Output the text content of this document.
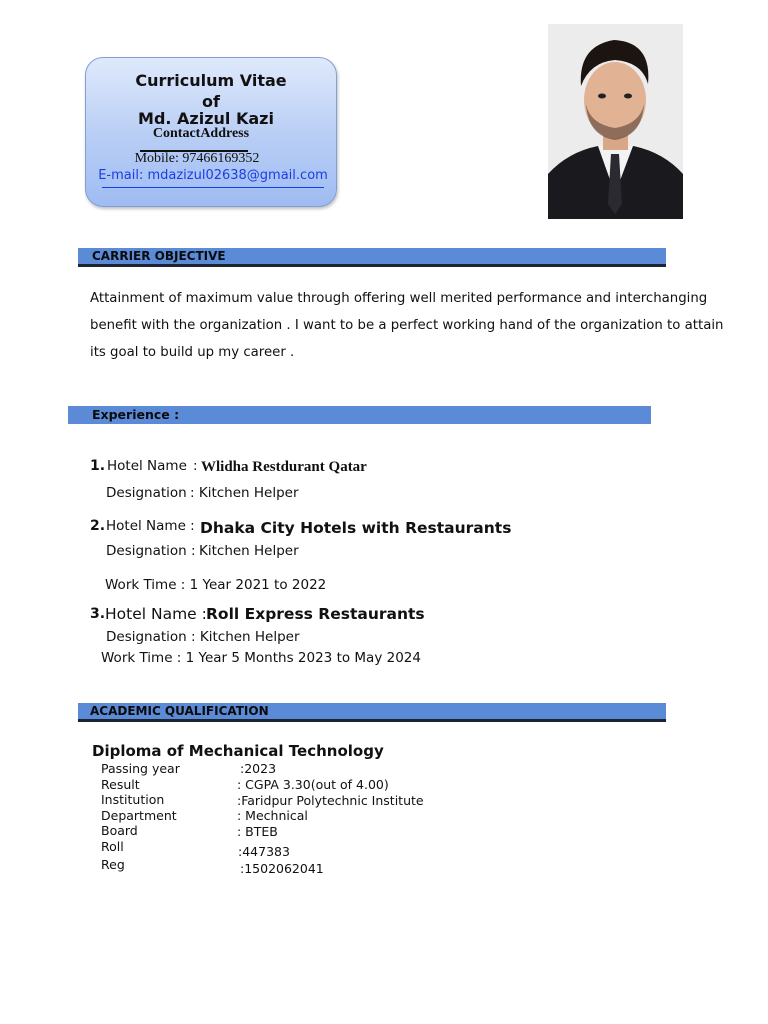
Curriculum Vitae
of
Md. Azizul Kazi
ContactAddress
Mobile: 97466169352
E-mail: mdazizul02638@gmail.com
CARRIER OBJECTIVE
Attainment of maximum value through offering well merited performance and interchanging benefit with the organization . I want to be a perfect working hand of the organization to attain its goal to build up my career .
Experience :
1. Hotel Name : Wlidha Restdurant Qatar
Designation : Kitchen Helper
2. Hotel Name : Dhaka City Hotels with Restaurants
Designation : Kitchen Helper
Work Time : 1 Year 2021 to 2022
3. Hotel Name : Roll Express Restaurants
Designation : Kitchen Helper
Work Time : 1 Year 5 Months 2023 to May 2024
ACADEMIC QUALIFICATION
Diploma of Mechanical Technology
Passing year	:2023
Result	: CGPA 3.30(out of 4.00)
Institution	:Faridpur Polytechnic Institute
Department	: Mechnical
Board	: BTEB
Roll	:447383
Reg	:1502062041
